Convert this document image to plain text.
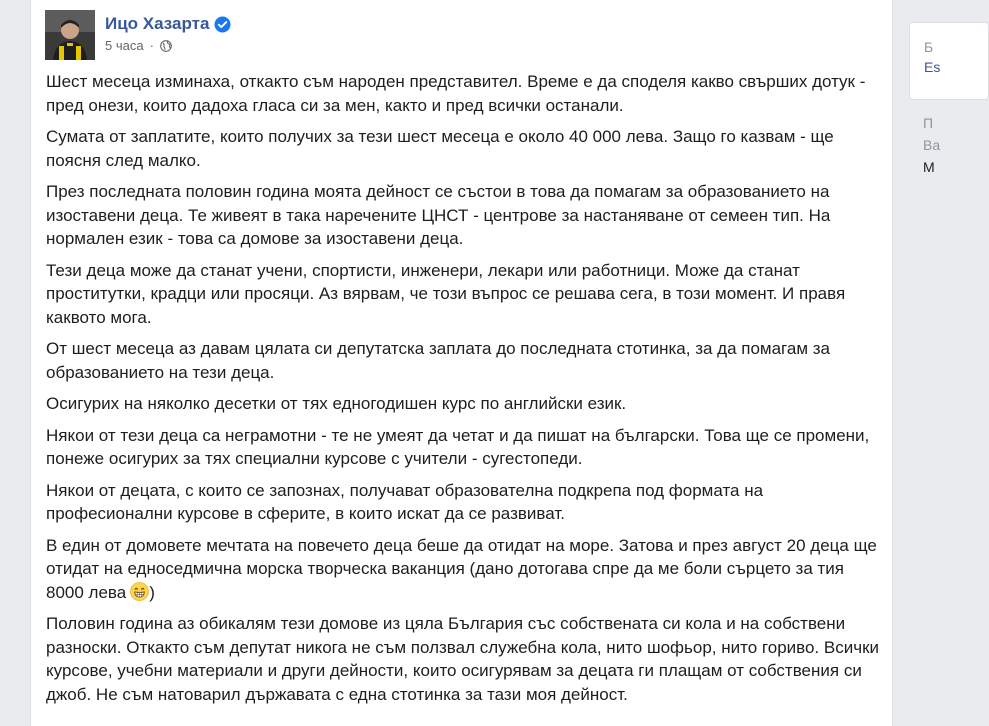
Ицо Хазарта
5 часа ·

Шест месеца изминаха, откакто съм народен представител. Време е да споделя какво свърших дотук - пред онези, които дадоха гласа си за мен, както и пред всички останали.

Сумата от заплатите, които получих за тези шест месеца е около 40 000 лева. Защо го казвам - ще поясня след малко.

През последната половин година моята дейност се състои в това да помагам за образованието на изоставени деца. Те живеят в така наречените ЦНСТ - центрове за настаняване от семеен тип. На нормален език - това са домове за изоставени деца.

Тези деца може да станат учени, спортисти, инженери, лекари или работници. Може да станат проститутки, крадци или просяци. Аз вярвам, че този въпрос се решава сега, в този момент. И правя каквото мога.

От шест месеца аз давам цялата си депутатска заплата до последната стотинка, за да помагам за образованието на тези деца.

Осигурих на няколко десетки от тях едногодишен курс по английски език.

Някои от тези деца са неграмотни - те не умеят да четат и да пишат на български. Това ще се промени, понеже осигурих за тях специални курсове с учители - сугестопеди.

Някои от децата, с които се запознах, получават образователна подкрепа под формата на професионални курсове в сферите, в които искат да се развиват.

В един от домовете мечтата на повечето деца беше да отидат на море. Затова и през август 20 деца ще отидат на едноседмична морска творческа ваканция (дано дотогава спре да ме боли сърцето за тия 8000 лева )

Половин година аз обикалям тези домове из цяла България със собствената си кола и на собствени разноски. Откакто съм депутат никога не съм ползвал служебна кола, нито шофьор, нито гориво. Всички курсове, учебни материали и други дейности, които осигурявам за децата ги плащам от собствения си джоб. Не съм натоварил държавата с една стотинка за тази моя дейност.

Б
Es
П
Ва
М
